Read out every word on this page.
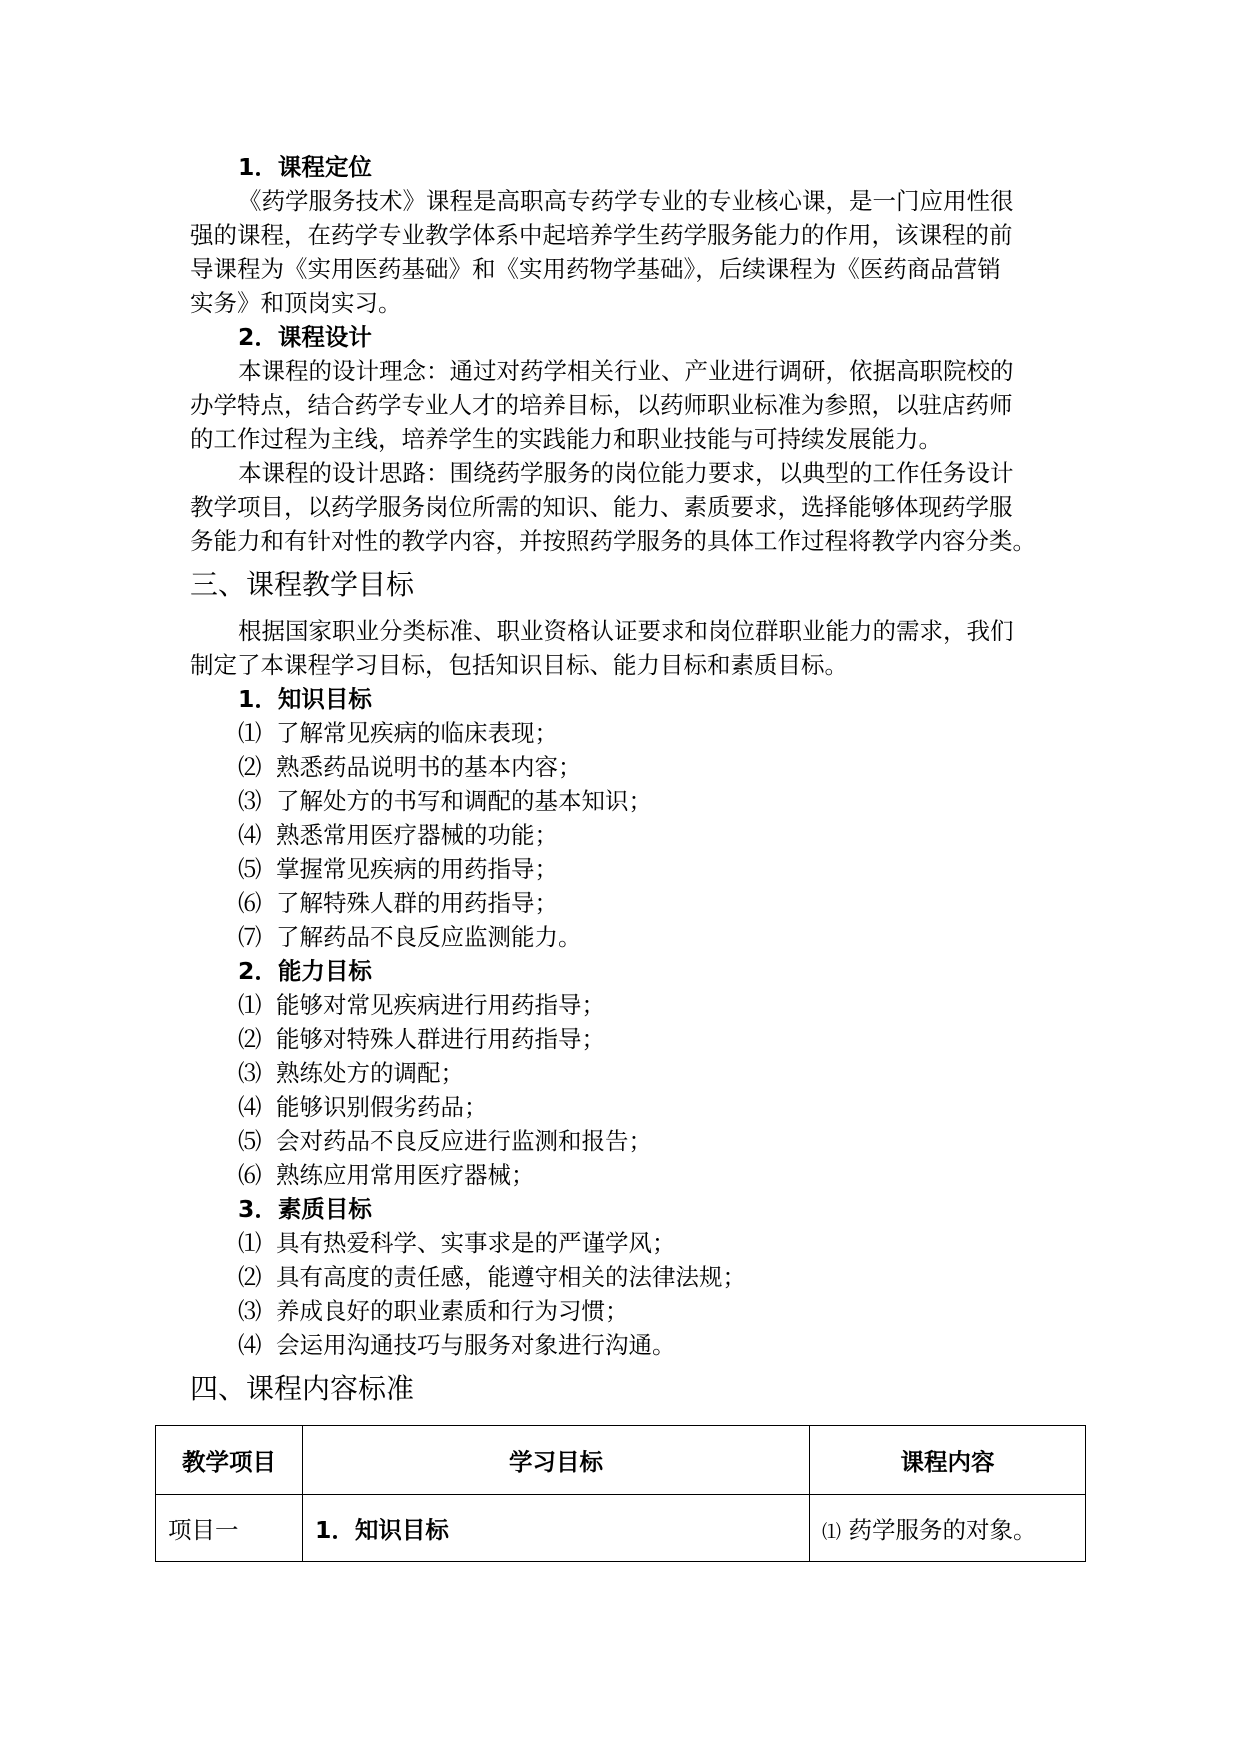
1．课程定位
《药学服务技术》课程是高职高专药学专业的专业核心课，是一门应用性很
强的课程，在药学专业教学体系中起培养学生药学服务能力的作用，该课程的前
导课程为《实用医药基础》和《实用药物学基础》，后续课程为《医药商品营销
实务》和顶岗实习。
2．课程设计
本课程的设计理念：通过对药学相关行业、产业进行调研，依据高职院校的
办学特点，结合药学专业人才的培养目标，以药师职业标准为参照，以驻店药师
的工作过程为主线，培养学生的实践能力和职业技能与可持续发展能力。
本课程的设计思路：围绕药学服务的岗位能力要求，以典型的工作任务设计
教学项目，以药学服务岗位所需的知识、能力、素质要求，选择能够体现药学服
务能力和有针对性的教学内容，并按照药学服务的具体工作过程将教学内容分类。
三、课程教学目标
根据国家职业分类标准、职业资格认证要求和岗位群职业能力的需求，我们
制定了本课程学习目标，包括知识目标、能力目标和素质目标。
1．知识目标
⑴ 了解常见疾病的临床表现；
⑵ 熟悉药品说明书的基本内容；
⑶ 了解处方的书写和调配的基本知识；
⑷ 熟悉常用医疗器械的功能；
⑸ 掌握常见疾病的用药指导；
⑹ 了解特殊人群的用药指导；
⑺ 了解药品不良反应监测能力。
2．能力目标
⑴ 能够对常见疾病进行用药指导；
⑵ 能够对特殊人群进行用药指导；
⑶ 熟练处方的调配；
⑷ 能够识别假劣药品；
⑸ 会对药品不良反应进行监测和报告；
⑹ 熟练应用常用医疗器械；
3．素质目标
⑴ 具有热爱科学、实事求是的严谨学风；
⑵ 具有高度的责任感，能遵守相关的法律法规；
⑶ 养成良好的职业素质和行为习惯；
⑷ 会运用沟通技巧与服务对象进行沟通。
四、课程内容标准
教学项目	学习目标	课程内容
项目一	1．知识目标	⑴ 药学服务的对象。
